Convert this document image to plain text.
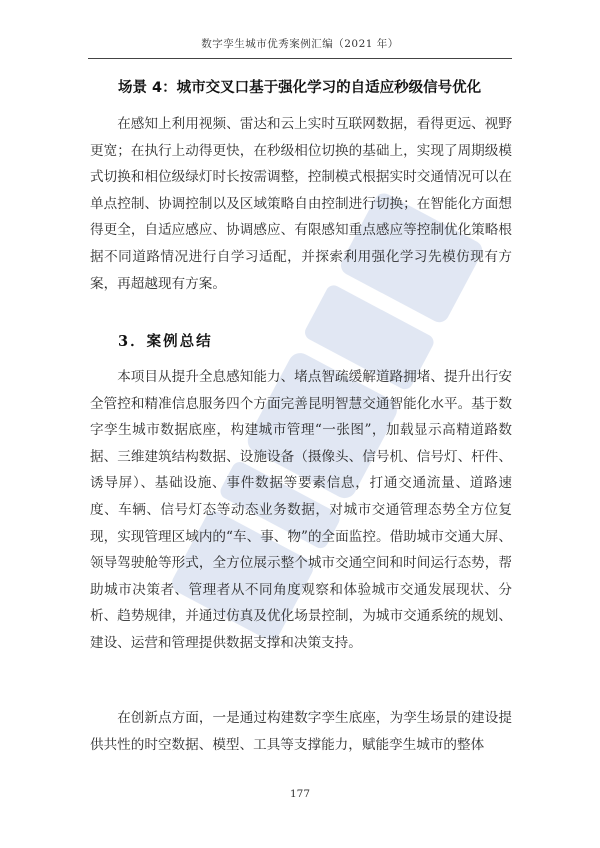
数字孪生城市优秀案例汇编（2021 年）
场景 4：城市交叉口基于强化学习的自适应秒级信号优化

在感知上利用视频、雷达和云上实时互联网数据，看得更远、视野更宽；在执行上动得更快，在秒级相位切换的基础上，实现了周期级模式切换和相位级绿灯时长按需调整，控制模式根据实时交通情况可以在单点控制、协调控制以及区域策略自由控制进行切换；在智能化方面想得更全，自适应感应、协调感应、有限感知重点感应等控制优化策略根据不同道路情况进行自学习适配，并探索利用强化学习先模仿现有方案，再超越现有方案。

3．案例总结

本项目从提升全息感知能力、堵点智疏缓解道路拥堵、提升出行安全管控和精准信息服务四个方面完善昆明智慧交通智能化水平。基于数字孪生城市数据底座，构建城市管理“一张图”，加载显示高精道路数据、三维建筑结构数据、设施设备（摄像头、信号机、信号灯、杆件、诱导屏）、基础设施、事件数据等要素信息，打通交通流量、道路速度、车辆、信号灯态等动态业务数据，对城市交通管理态势全方位复现，实现管理区域内的“车、事、物”的全面监控。借助城市交通大屏、领导驾驶舱等形式，全方位展示整个城市交通空间和时间运行态势，帮助城市决策者、管理者从不同角度观察和体验城市交通发展现状、分析、趋势规律，并通过仿真及优化场景控制，为城市交通系统的规划、建设、运营和管理提供数据支撑和决策支持。

在创新点方面，一是通过构建数字孪生底座，为孪生场景的建设提供共性的时空数据、模型、工具等支撑能力，赋能孪生城市的整体

177
